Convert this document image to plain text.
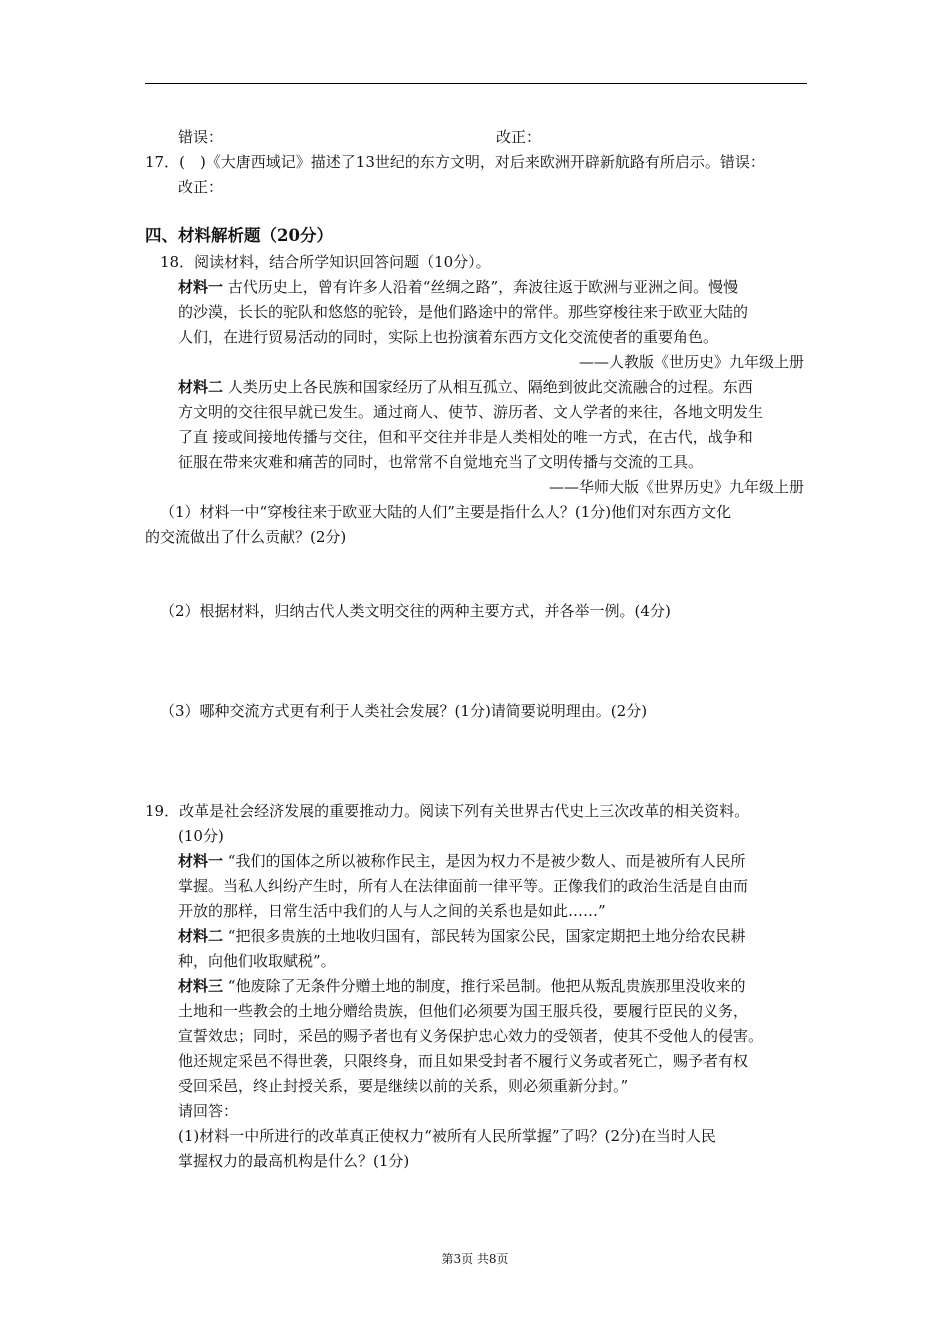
错误：	改正：
17．(　)《大唐西域记》描述了13世纪的东方文明，对后来欧洲开辟新航路有所启示。错误：
改正：
四、材料解析题（20分）
18．阅读材料，结合所学知识回答问题（10分）。
材料一 古代历史上，曾有许多人沿着“丝绸之路”，奔波往返于欧洲与亚洲之间。慢慢
的沙漠，长长的驼队和悠悠的驼铃，是他们路途中的常伴。那些穿梭往来于欧亚大陆的
人们，在进行贸易活动的同时，实际上也扮演着东西方文化交流使者的重要角色。
——人教版《世历史》九年级上册
材料二 人类历史上各民族和国家经历了从相互孤立、隔绝到彼此交流融合的过程。东西
方文明的交往很早就已发生。通过商人、使节、游历者、文人学者的来往，各地文明发生
了直 接或间接地传播与交往，但和平交往并非是人类相处的唯一方式，在古代，战争和
征服在带来灾难和痛苦的同时，也常常不自觉地充当了文明传播与交流的工具。
——华师大版《世界历史》九年级上册
（1）材料一中“穿梭往来于欧亚大陆的人们”主要是指什么人？(1分)他们对东西方文化
的交流做出了什么贡献？(2分)
（2）根据材料，归纳古代人类文明交往的两种主要方式，并各举一例。(4分)
（3）哪种交流方式更有利于人类社会发展？(1分)请简要说明理由。(2分)
19．改革是社会经济发展的重要推动力。阅读下列有关世界古代史上三次改革的相关资料。
(10分)
材料一 “我们的国体之所以被称作民主，是因为权力不是被少数人、而是被所有人民所
掌握。当私人纠纷产生时，所有人在法律面前一律平等。正像我们的政治生活是自由而
开放的那样，日常生活中我们的人与人之间的关系也是如此……”
材料二 “把很多贵族的土地收归国有，部民转为国家公民，国家定期把土地分给农民耕
种，向他们收取赋税”。
材料三 “他废除了无条件分赠土地的制度，推行采邑制。他把从叛乱贵族那里没收来的
土地和一些教会的土地分赠给贵族，但他们必须要为国王服兵役，要履行臣民的义务，
宣誓效忠；同时，采邑的赐予者也有义务保护忠心效力的受领者，使其不受他人的侵害。
他还规定采邑不得世袭，只限终身，而且如果受封者不履行义务或者死亡，赐予者有权
受回采邑，终止封授关系，要是继续以前的关系，则必须重新分封。”
请回答：
(1)材料一中所进行的改革真正使权力“被所有人民所掌握”了吗？(2分)在当时人民
掌握权力的最高机构是什么？(1分)
第3页 共8页
